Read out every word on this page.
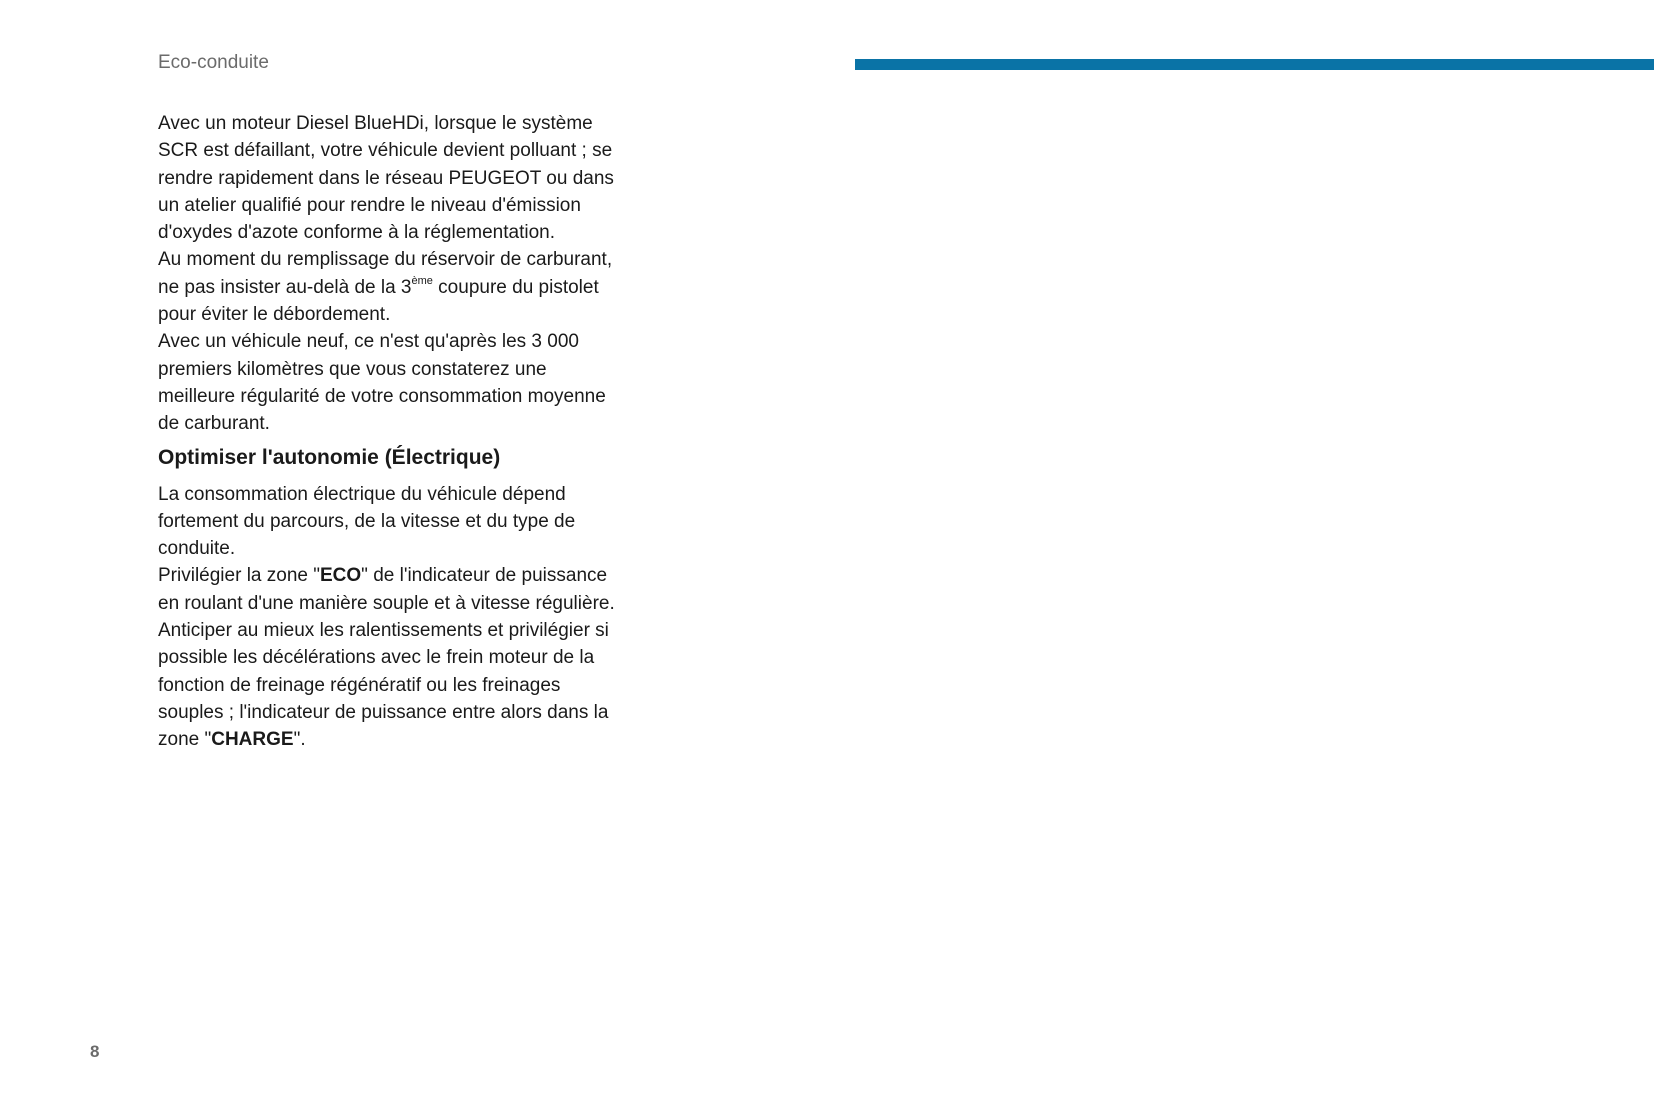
Eco-conduite

Avec un moteur Diesel BlueHDi, lorsque le système SCR est défaillant, votre véhicule devient polluant ; se rendre rapidement dans le réseau PEUGEOT ou dans un atelier qualifié pour rendre le niveau d'émission d'oxydes d'azote conforme à la réglementation.

Au moment du remplissage du réservoir de carburant, ne pas insister au-delà de la 3ème coupure du pistolet pour éviter le débordement.

Avec un véhicule neuf, ce n'est qu'après les 3 000 premiers kilomètres que vous constaterez une meilleure régularité de votre consommation moyenne de carburant.

Optimiser l'autonomie (Électrique)

La consommation électrique du véhicule dépend fortement du parcours, de la vitesse et du type de conduite.

Privilégier la zone "ECO" de l'indicateur de puissance en roulant d'une manière souple et à vitesse régulière.

Anticiper au mieux les ralentissements et privilégier si possible les décélérations avec le frein moteur de la fonction de freinage régénératif ou les freinages souples ; l'indicateur de puissance entre alors dans la zone "CHARGE".

8
